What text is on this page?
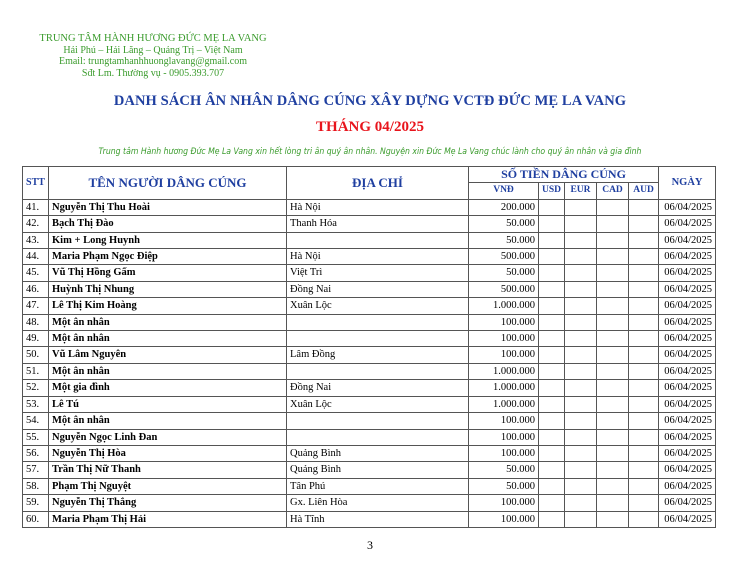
TRUNG TÂM HÀNH HƯƠNG ĐỨC MẸ LA VANG
Hải Phú – Hải Lăng – Quảng Trị – Việt Nam
Email: trungtamhanhhuonglavang@gmail.com
Sđt Lm. Thường vụ - 0905.393.707
DANH SÁCH ÂN NHÂN DÂNG CÚNG XÂY DỰNG VCTĐ ĐỨC MẸ LA VANG
THÁNG 04/2025
Trung tâm Hành hương Đức Mẹ La Vang xin hết lòng tri ân quý ân nhân. Nguyện xin Đức Mẹ La Vang chúc lành cho quý ân nhân và gia đình
STT	TÊN NGƯỜI DÂNG CÚNG	ĐỊA CHỈ	SỐ TIỀN DÂNG CÚNG					NGÀY
			VNĐ	USD	EUR	CAD	AUD	
41.	Nguyễn Thị Thu Hoài	Hà Nội	200.000					06/04/2025
42.	Bạch Thị Đào	Thanh Hóa	50.000					06/04/2025
43.	Kim + Long Huynh		50.000					06/04/2025
44.	Maria Phạm Ngọc Điệp	Hà Nội	500.000					06/04/2025
45.	Vũ Thị Hồng Gấm	Việt Trì	50.000					06/04/2025
46.	Huỳnh Thị Nhung	Đồng Nai	500.000					06/04/2025
47.	Lê Thị Kim Hoàng	Xuân Lộc	1.000.000					06/04/2025
48.	Một ân nhân		100.000					06/04/2025
49.	Một ân nhân		100.000					06/04/2025
50.	Vũ Lâm Nguyên	Lâm Đồng	100.000					06/04/2025
51.	Một ân nhân		1.000.000					06/04/2025
52.	Một gia đình	Đồng Nai	1.000.000					06/04/2025
53.	Lê Tú	Xuân Lộc	1.000.000					06/04/2025
54.	Một ân nhân		100.000					06/04/2025
55.	Nguyễn Ngọc Linh Đan		100.000					06/04/2025
56.	Nguyễn Thị Hòa	Quảng Bình	100.000					06/04/2025
57.	Trần Thị Nữ Thanh	Quảng Bình	50.000					06/04/2025
58.	Phạm Thị Nguyệt	Tân Phú	50.000					06/04/2025
59.	Nguyễn Thị Thắng	Gx. Liên Hòa	100.000					06/04/2025
60.	Maria Phạm Thị Hải	Hà Tĩnh	100.000					06/04/2025
3
